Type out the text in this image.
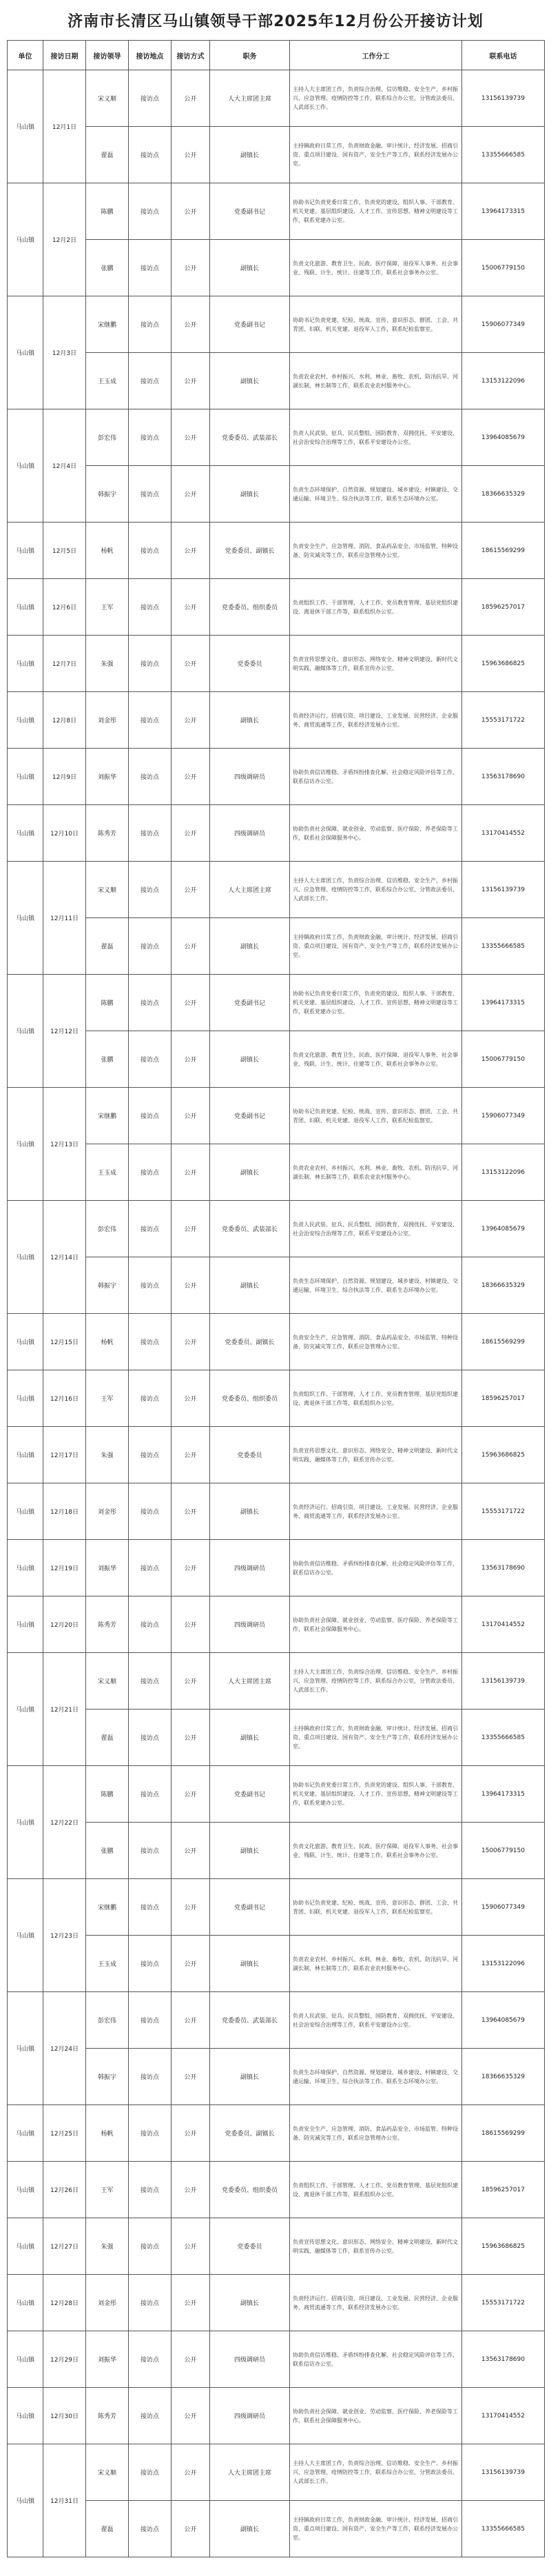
济南市长清区马山镇领导干部2025年12月份公开接访计划
单位	接访日期	接访领导	接访地点	接访方式	职务	工作分工	联系电话
马山镇	12月1日	宋义顺	接访点	公开	人大主席团主席	主持人大主席团工作，负责综合治理、信访维稳、安全生产、乡村振兴、应急管理、疫情防控等工作，联系综合办公室，分管政法委员、人武部长工作。	13156139739
		翟磊	接访点	公开	副镇长	主持镇政府日常工作，负责财政金融、审计统计、经济发展、招商引资、重点项目建设、国有资产、安全生产等工作，联系经济发展办公室。	13355666585
马山镇	12月2日	陈鹏	接访点	公开	党委副书记	协助书记负责党委日常工作，负责党的建设、组织人事、干部教育、机关党建、基层组织建设、人才工作、宣传思想、精神文明建设等工作，联系党建办公室。	13964173315
		张鹏	接访点	公开	副镇长	负责文化旅游、教育卫生、民政、医疗保障、退役军人事务、社会事业、残联、计生、统计、住建等工作，联系社会事务办公室。	15006779150
马山镇	12月3日	宋继鹏	接访点	公开	党委副书记	协助书记负责党建、纪检、统战、宣传、意识形态、群团、工会、共青团、妇联、机关党建、退役军人工作，联系纪检监察室。	15906077349
		王玉成	接访点	公开	副镇长	负责农业农村、乡村振兴、水利、林业、畜牧、农机、防汛抗旱、河湖长制、林长制等工作，联系农业农村服务中心。	13153122096
马山镇	12月4日	彭宏伟	接访点	公开	党委委员、武装部长	负责人民武装、征兵、民兵整组、国防教育、双拥优抚、平安建设、社会治安综合治理等工作，联系平安建设办公室。	13964085679
		韩振宇	接访点	公开	副镇长	负责生态环境保护、自然资源、规划建设、城乡建设、村镇建设、交通运输、环境卫生、综合执法等工作，联系生态环境办公室。	18366635329
马山镇	12月5日	杨帆	接访点	公开	党委委员、副镇长	负责安全生产、应急管理、消防、食品药品安全、市场监管、特种设备、防灾减灾等工作，联系应急管理办公室。	18615569299
马山镇	12月6日	王军	接访点	公开	党委委员、组织委员	负责组织工作、干部管理、人才工作、党员教育管理、基层党组织建设、离退休干部工作等，联系组织办公室。	18596257017
马山镇	12月7日	朱强	接访点	公开	党委委员	负责宣传思想文化、意识形态、网络安全、精神文明建设、新时代文明实践、融媒体等工作，联系宣传办公室。	15963686825
马山镇	12月8日	刘金彤	接访点	公开	副镇长	负责经济运行、招商引资、项目建设、工业发展、民营经济、企业服务、商贸流通等工作，联系经济发展办公室。	15553171722
马山镇	12月9日	刘振华	接访点	公开	四级调研员	协助负责信访维稳、矛盾纠纷排查化解、社会稳定风险评估等工作，联系信访办公室。	13563178690
马山镇	12月10日	陈秀芳	接访点	公开	四级调研员	协助负责社会保障、就业创业、劳动监察、医疗保险、养老保险等工作，联系社会保障服务中心。	13170414552
马山镇	12月11日	宋义顺	接访点	公开	人大主席团主席	主持人大主席团工作，负责综合治理、信访维稳、安全生产、乡村振兴、应急管理、疫情防控等工作，联系综合办公室，分管政法委员、人武部长工作。	13156139739
		翟磊	接访点	公开	副镇长	主持镇政府日常工作，负责财政金融、审计统计、经济发展、招商引资、重点项目建设、国有资产、安全生产等工作，联系经济发展办公室。	13355666585
马山镇	12月12日	陈鹏	接访点	公开	党委副书记	协助书记负责党委日常工作，负责党的建设、组织人事、干部教育、机关党建、基层组织建设、人才工作、宣传思想、精神文明建设等工作，联系党建办公室。	13964173315
		张鹏	接访点	公开	副镇长	负责文化旅游、教育卫生、民政、医疗保障、退役军人事务、社会事业、残联、计生、统计、住建等工作，联系社会事务办公室。	15006779150
马山镇	12月13日	宋继鹏	接访点	公开	党委副书记	协助书记负责党建、纪检、统战、宣传、意识形态、群团、工会、共青团、妇联、机关党建、退役军人工作，联系纪检监察室。	15906077349
		王玉成	接访点	公开	副镇长	负责农业农村、乡村振兴、水利、林业、畜牧、农机、防汛抗旱、河湖长制、林长制等工作，联系农业农村服务中心。	13153122096
马山镇	12月14日	彭宏伟	接访点	公开	党委委员、武装部长	负责人民武装、征兵、民兵整组、国防教育、双拥优抚、平安建设、社会治安综合治理等工作，联系平安建设办公室。	13964085679
		韩振宇	接访点	公开	副镇长	负责生态环境保护、自然资源、规划建设、城乡建设、村镇建设、交通运输、环境卫生、综合执法等工作，联系生态环境办公室。	18366635329
马山镇	12月15日	杨帆	接访点	公开	党委委员、副镇长	负责安全生产、应急管理、消防、食品药品安全、市场监管、特种设备、防灾减灾等工作，联系应急管理办公室。	18615569299
马山镇	12月16日	王军	接访点	公开	党委委员、组织委员	负责组织工作、干部管理、人才工作、党员教育管理、基层党组织建设、离退休干部工作等，联系组织办公室。	18596257017
马山镇	12月17日	朱强	接访点	公开	党委委员	负责宣传思想文化、意识形态、网络安全、精神文明建设、新时代文明实践、融媒体等工作，联系宣传办公室。	15963686825
马山镇	12月18日	刘金彤	接访点	公开	副镇长	负责经济运行、招商引资、项目建设、工业发展、民营经济、企业服务、商贸流通等工作，联系经济发展办公室。	15553171722
马山镇	12月19日	刘振华	接访点	公开	四级调研员	协助负责信访维稳、矛盾纠纷排查化解、社会稳定风险评估等工作，联系信访办公室。	13563178690
马山镇	12月20日	陈秀芳	接访点	公开	四级调研员	协助负责社会保障、就业创业、劳动监察、医疗保险、养老保险等工作，联系社会保障服务中心。	13170414552
马山镇	12月21日	宋义顺	接访点	公开	人大主席团主席	主持人大主席团工作，负责综合治理、信访维稳、安全生产、乡村振兴、应急管理、疫情防控等工作，联系综合办公室，分管政法委员、人武部长工作。	13156139739
		翟磊	接访点	公开	副镇长	主持镇政府日常工作，负责财政金融、审计统计、经济发展、招商引资、重点项目建设、国有资产、安全生产等工作，联系经济发展办公室。	13355666585
马山镇	12月22日	陈鹏	接访点	公开	党委副书记	协助书记负责党委日常工作，负责党的建设、组织人事、干部教育、机关党建、基层组织建设、人才工作、宣传思想、精神文明建设等工作，联系党建办公室。	13964173315
		张鹏	接访点	公开	副镇长	负责文化旅游、教育卫生、民政、医疗保障、退役军人事务、社会事业、残联、计生、统计、住建等工作，联系社会事务办公室。	15006779150
马山镇	12月23日	宋继鹏	接访点	公开	党委副书记	协助书记负责党建、纪检、统战、宣传、意识形态、群团、工会、共青团、妇联、机关党建、退役军人工作，联系纪检监察室。	15906077349
		王玉成	接访点	公开	副镇长	负责农业农村、乡村振兴、水利、林业、畜牧、农机、防汛抗旱、河湖长制、林长制等工作，联系农业农村服务中心。	13153122096
马山镇	12月24日	彭宏伟	接访点	公开	党委委员、武装部长	负责人民武装、征兵、民兵整组、国防教育、双拥优抚、平安建设、社会治安综合治理等工作，联系平安建设办公室。	13964085679
		韩振宇	接访点	公开	副镇长	负责生态环境保护、自然资源、规划建设、城乡建设、村镇建设、交通运输、环境卫生、综合执法等工作，联系生态环境办公室。	18366635329
马山镇	12月25日	杨帆	接访点	公开	党委委员、副镇长	负责安全生产、应急管理、消防、食品药品安全、市场监管、特种设备、防灾减灾等工作，联系应急管理办公室。	18615569299
马山镇	12月26日	王军	接访点	公开	党委委员、组织委员	负责组织工作、干部管理、人才工作、党员教育管理、基层党组织建设、离退休干部工作等，联系组织办公室。	18596257017
马山镇	12月27日	朱强	接访点	公开	党委委员	负责宣传思想文化、意识形态、网络安全、精神文明建设、新时代文明实践、融媒体等工作，联系宣传办公室。	15963686825
马山镇	12月28日	刘金彤	接访点	公开	副镇长	负责经济运行、招商引资、项目建设、工业发展、民营经济、企业服务、商贸流通等工作，联系经济发展办公室。	15553171722
马山镇	12月29日	刘振华	接访点	公开	四级调研员	协助负责信访维稳、矛盾纠纷排查化解、社会稳定风险评估等工作，联系信访办公室。	13563178690
马山镇	12月30日	陈秀芳	接访点	公开	四级调研员	协助负责社会保障、就业创业、劳动监察、医疗保险、养老保险等工作，联系社会保障服务中心。	13170414552
马山镇	12月31日	宋义顺	接访点	公开	人大主席团主席	主持人大主席团工作，负责综合治理、信访维稳、安全生产、乡村振兴、应急管理、疫情防控等工作，联系综合办公室，分管政法委员、人武部长工作。	13156139739
		翟磊	接访点	公开	副镇长	主持镇政府日常工作，负责财政金融、审计统计、经济发展、招商引资、重点项目建设、国有资产、安全生产等工作，联系经济发展办公室。	13355666585
